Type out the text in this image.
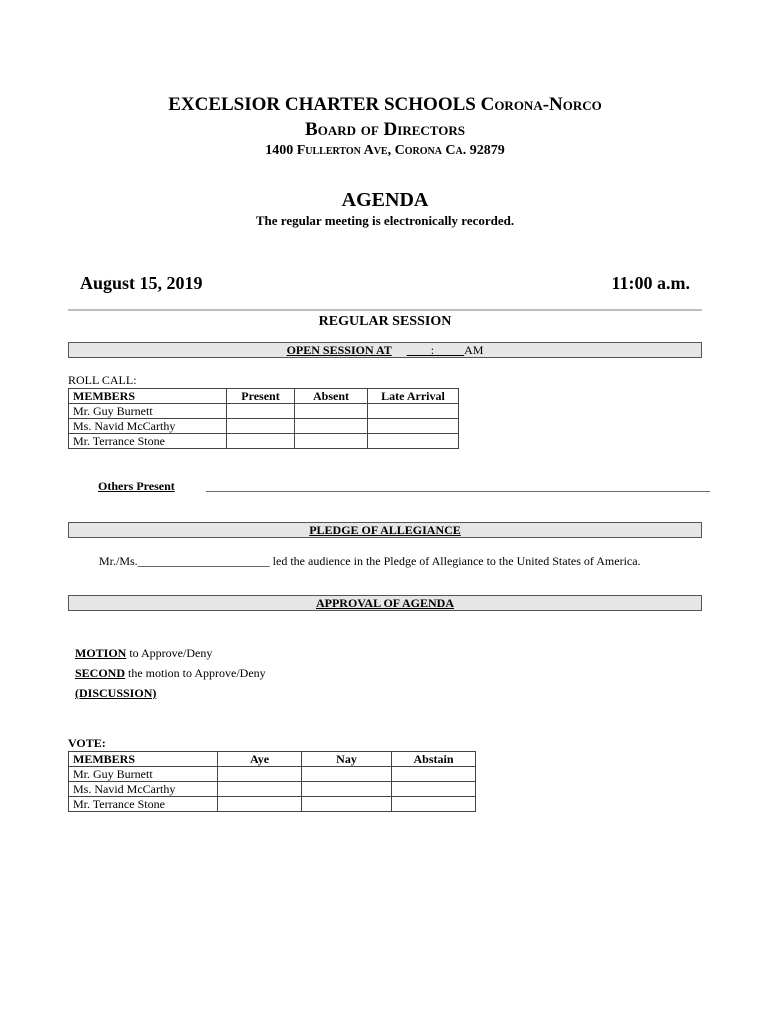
EXCELSIOR CHARTER SCHOOLS Corona-Norco
Board of Directors
1400 Fullerton Ave, Corona Ca. 92879
AGENDA
The regular meeting is electronically recorded.
August 15, 2019	11:00 a.m.
REGULAR SESSION
OPEN SESSION AT ____:_____AM
ROLL CALL:
MEMBERS	Present	Absent	Late Arrival
Mr. Guy Burnett			
Ms. Navid McCarthy			
Mr. Terrance Stone			
Others Present	____________________________________________________________________________________
PLEDGE OF ALLEGIANCE
Mr./Ms.______________________ led the audience in the Pledge of Allegiance to the United States of America.
APPROVAL OF AGENDA
MOTION to Approve/Deny
SECOND the motion to Approve/Deny
(DISCUSSION)
VOTE:
MEMBERS	Aye	Nay	Abstain
Mr. Guy Burnett			
Ms. Navid McCarthy			
Mr. Terrance Stone			
